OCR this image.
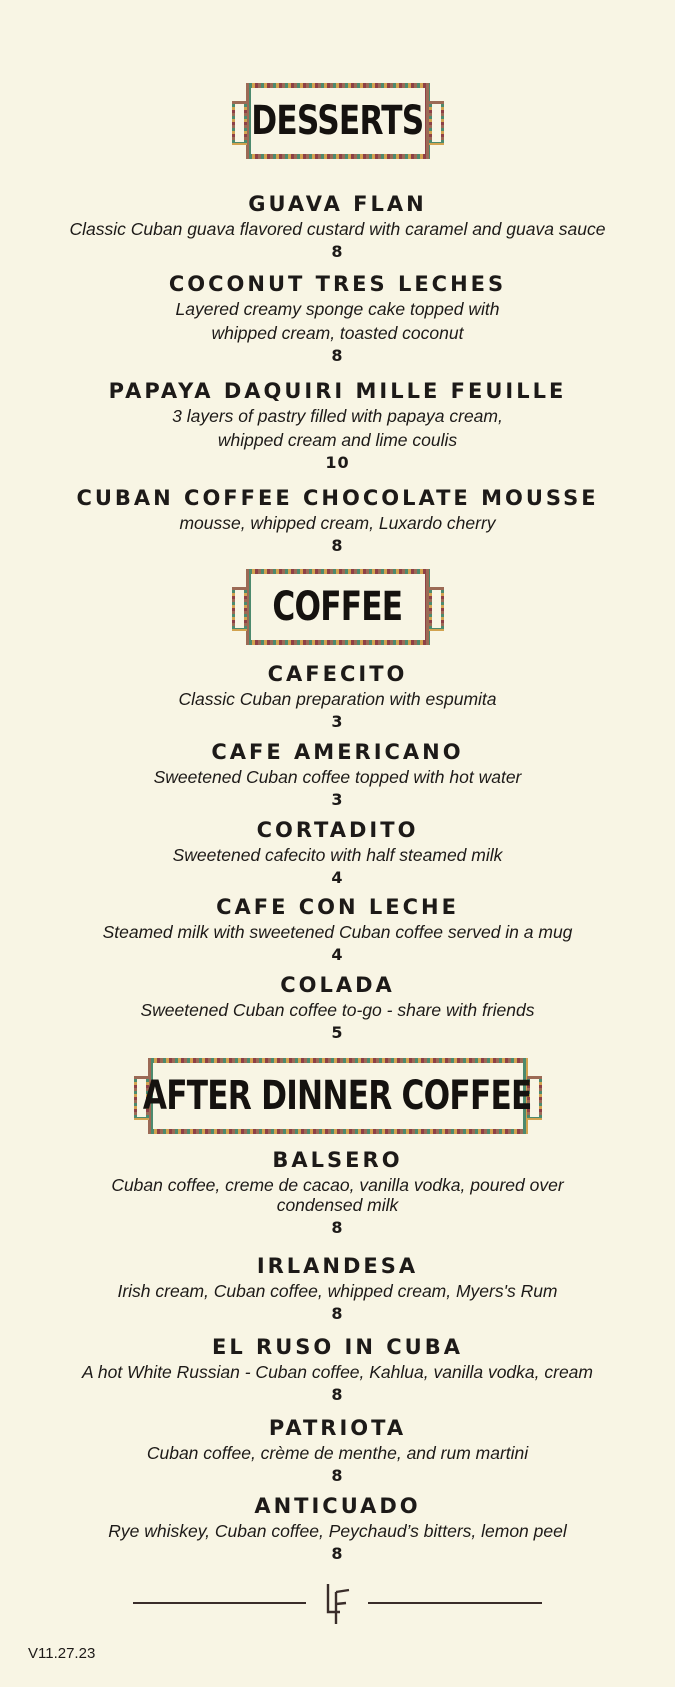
DESSERTS
GUAVA FLAN
Classic Cuban guava flavored custard with caramel and guava sauce
8
COCONUT TRES LECHES
Layered creamy sponge cake topped with
whipped cream, toasted coconut
8
PAPAYA DAQUIRI MILLE FEUILLE
3 layers of pastry filled with papaya cream,
whipped cream and lime coulis
10
CUBAN COFFEE CHOCOLATE MOUSSE
mousse, whipped cream, Luxardo cherry
8
COFFEE
CAFECITO
Classic Cuban preparation with espumita
3
CAFE AMERICANO
Sweetened Cuban coffee topped with hot water
3
CORTADITO
Sweetened cafecito with half steamed milk
4
CAFE CON LECHE
Steamed milk with sweetened Cuban coffee served in a mug
4
COLADA
Sweetened Cuban coffee to-go - share with friends
5
AFTER DINNER COFFEE
BALSERO
Cuban coffee, creme de cacao, vanilla vodka, poured over
condensed milk
8
IRLANDESA
Irish cream, Cuban coffee, whipped cream, Myers's Rum
8
EL RUSO IN CUBA
A hot White Russian - Cuban coffee, Kahlua, vanilla vodka, cream
8
PATRIOTA
Cuban coffee, crème de menthe, and rum martini
8
ANTICUADO
Rye whiskey, Cuban coffee, Peychaud’s bitters, lemon peel
8
V11.27.23
